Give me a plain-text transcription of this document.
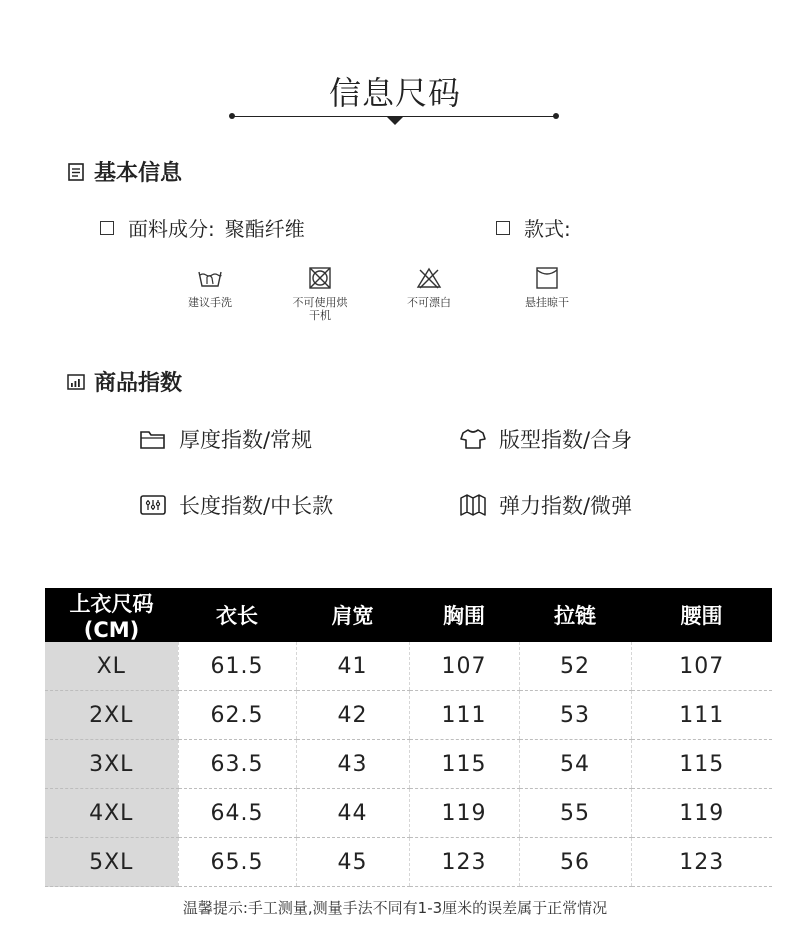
信息尺码
基本信息
面料成分: 聚酯纤维	款式:
建议手洗	不可使用烘干机
不可漂白	悬挂晾干
商品指数
厚度指数/常规	版型指数/合身
长度指数/中长款	弹力指数/微弹
上衣尺码(CM)	衣长	肩宽	胸围	拉链	腰围
XL	61.5	41	107	52	107
2XL	62.5	42	111	53	111
3XL	63.5	43	115	54	115
4XL	64.5	44	119	55	119
5XL	65.5	45	123	56	123
温馨提示:手工测量,测量手法不同有1-3厘米的误差属于正常情况
